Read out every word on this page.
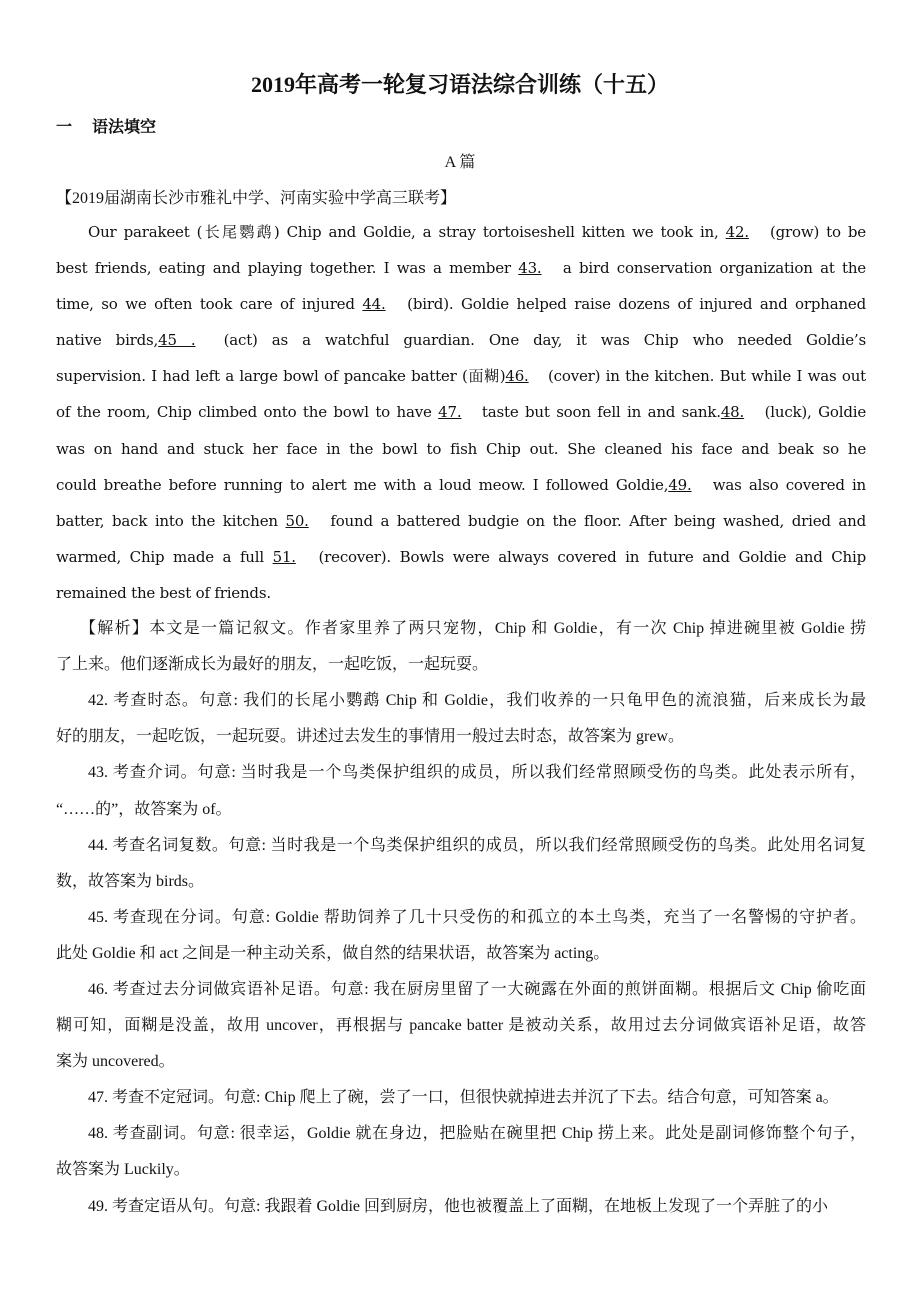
2019年高考一轮复习语法综合训练（十五）
一 语法填空
A 篇
【2019届湖南长沙市雅礼中学、河南实验中学高三联考】
Our parakeet (长尾鹦鹉) Chip and Goldie, a stray tortoiseshell kitten we took in, 42. (grow) to be
best friends, eating and playing together. I was a member 43. a bird conservation organization at the
time, so we often took care of injured 44. (bird). Goldie helped raise dozens of injured and orphaned
native birds,45 . (act) as a watchful guardian. One day, it was Chip who needed Goldie’s
supervision. I had left a large bowl of pancake batter (面糊)46. (cover) in the kitchen. But while I was out
of the room, Chip climbed onto the bowl to have 47. taste but soon fell in and sank.48. (luck), Goldie
was on hand and stuck her face in the bowl to fish Chip out. She cleaned his face and beak so he
could breathe before running to alert me with a loud meow. I followed Goldie,49. was also covered in
batter, back into the kitchen 50. found a battered budgie on the floor. After being washed, dried and
warmed, Chip made a full 51. (recover). Bowls were always covered in future and Goldie and Chip
remained the best of friends.
【解析】本文是一篇记叙文。作者家里养了两只宠物，Chip 和 Goldie，有一次 Chip 掉进碗里被 Goldie 捞
了上来。他们逐渐成长为最好的朋友，一起吃饭，一起玩耍。
42. 考查时态。句意: 我们的长尾小鹦鹉 Chip 和 Goldie，我们收养的一只龟甲色的流浪猫，后来成长为最
好的朋友，一起吃饭，一起玩耍。讲述过去发生的事情用一般过去时态，故答案为 grew。
43. 考查介词。句意: 当时我是一个鸟类保护组织的成员，所以我们经常照顾受伤的鸟类。此处表示所有，
“……的”，故答案为 of。
44. 考查名词复数。句意: 当时我是一个鸟类保护组织的成员，所以我们经常照顾受伤的鸟类。此处用名词复
数，故答案为 birds。
45. 考查现在分词。句意: Goldie 帮助饲养了几十只受伤的和孤立的本土鸟类，充当了一名警惕的守护者。
此处 Goldie 和 act 之间是一种主动关系，做自然的结果状语，故答案为 acting。
46. 考查过去分词做宾语补足语。句意: 我在厨房里留了一大碗露在外面的煎饼面糊。根据后文 Chip 偷吃面
糊可知，面糊是没盖，故用 uncover，再根据与 pancake batter 是被动关系，故用过去分词做宾语补足语，故答
案为 uncovered。
47. 考查不定冠词。句意: Chip 爬上了碗，尝了一口，但很快就掉进去并沉了下去。结合句意，可知答案 a。
48. 考查副词。句意: 很幸运，Goldie 就在身边，把脸贴在碗里把 Chip 捞上来。此处是副词修饰整个句子，
故答案为 Luckily。
49. 考查定语从句。句意: 我跟着 Goldie 回到厨房，他也被覆盖上了面糊，在地板上发现了一个弄脏了的小
